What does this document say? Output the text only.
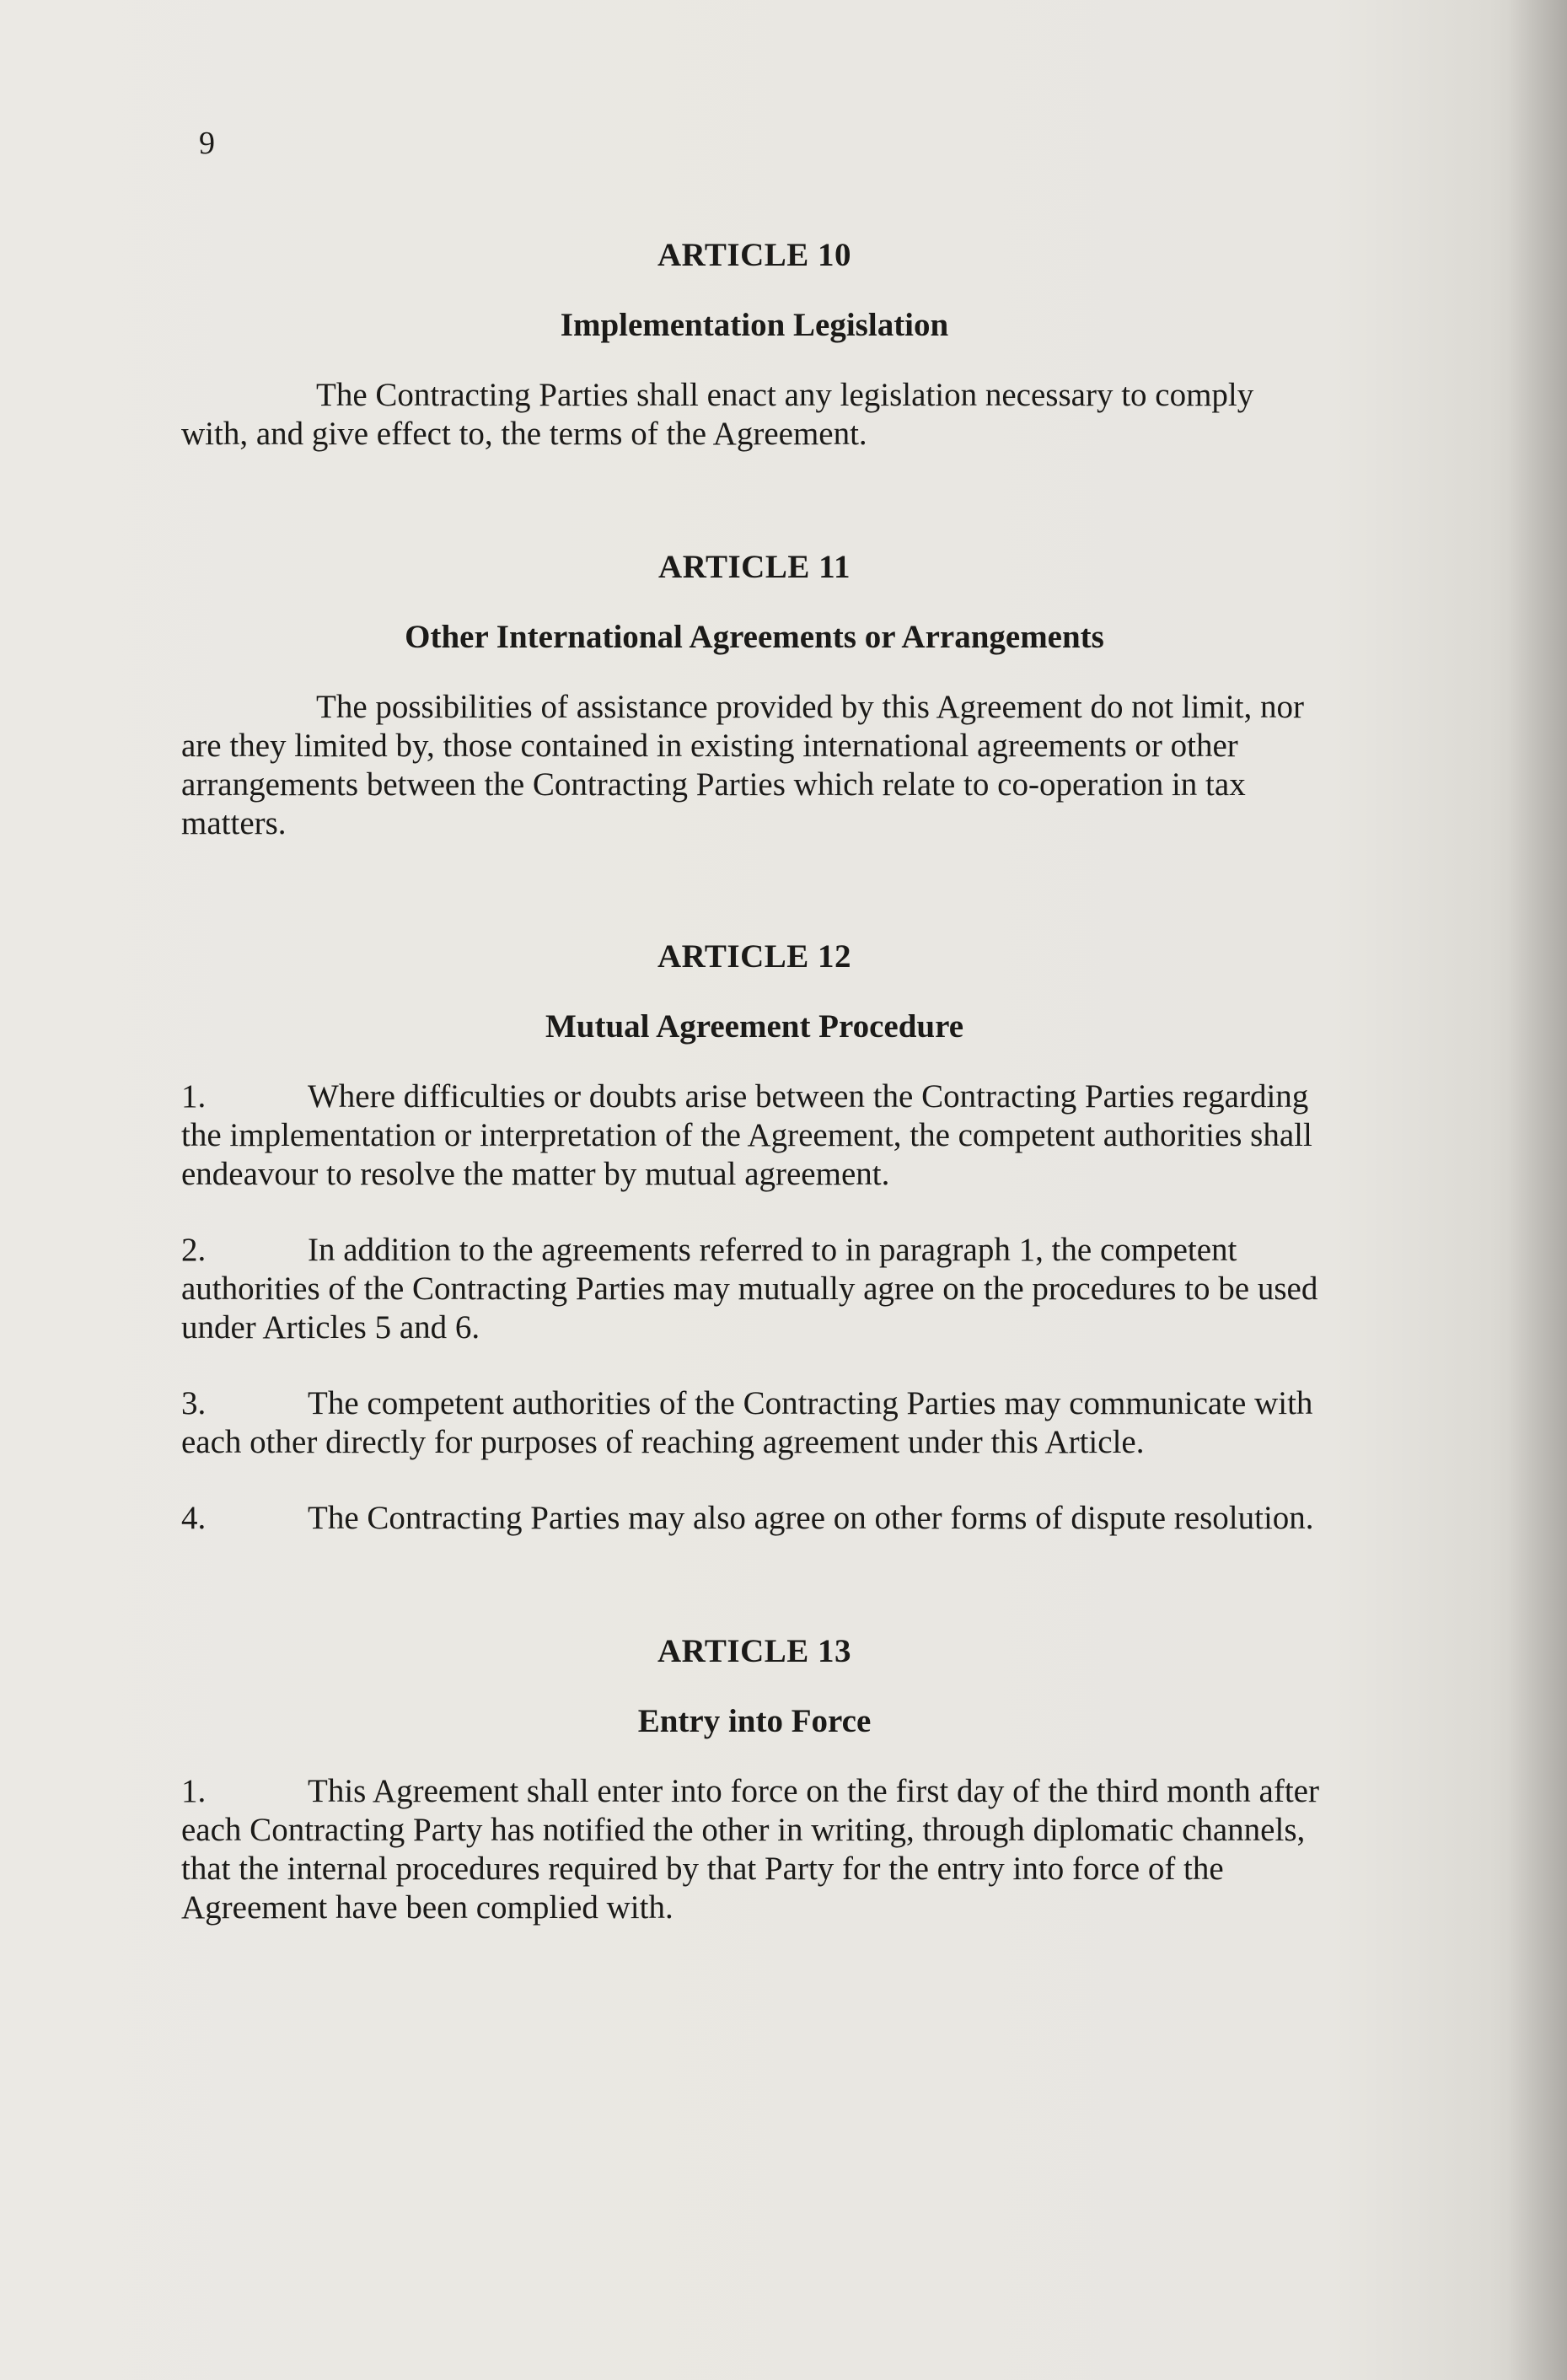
9
ARTICLE 10
Implementation Legislation

The Contracting Parties shall enact any legislation necessary to comply with, and give effect to, the terms of the Agreement.

ARTICLE 11
Other International Agreements or Arrangements

The possibilities of assistance provided by this Agreement do not limit, nor are they limited by, those contained in existing international agreements or other arrangements between the Contracting Parties which relate to co-operation in tax matters.

ARTICLE 12
Mutual Agreement Procedure

1.	Where difficulties or doubts arise between the Contracting Parties regarding the implementation or interpretation of the Agreement, the competent authorities shall endeavour to resolve the matter by mutual agreement.

2.	In addition to the agreements referred to in paragraph 1, the competent authorities of the Contracting Parties may mutually agree on the procedures to be used under Articles 5 and 6.

3.	The competent authorities of the Contracting Parties may communicate with each other directly for purposes of reaching agreement under this Article.

4.	The Contracting Parties may also agree on other forms of dispute resolution.

ARTICLE 13
Entry into Force

1.	This Agreement shall enter into force on the first day of the third month after each Contracting Party has notified the other in writing, through diplomatic channels, that the internal procedures required by that Party for the entry into force of the Agreement have been complied with.
